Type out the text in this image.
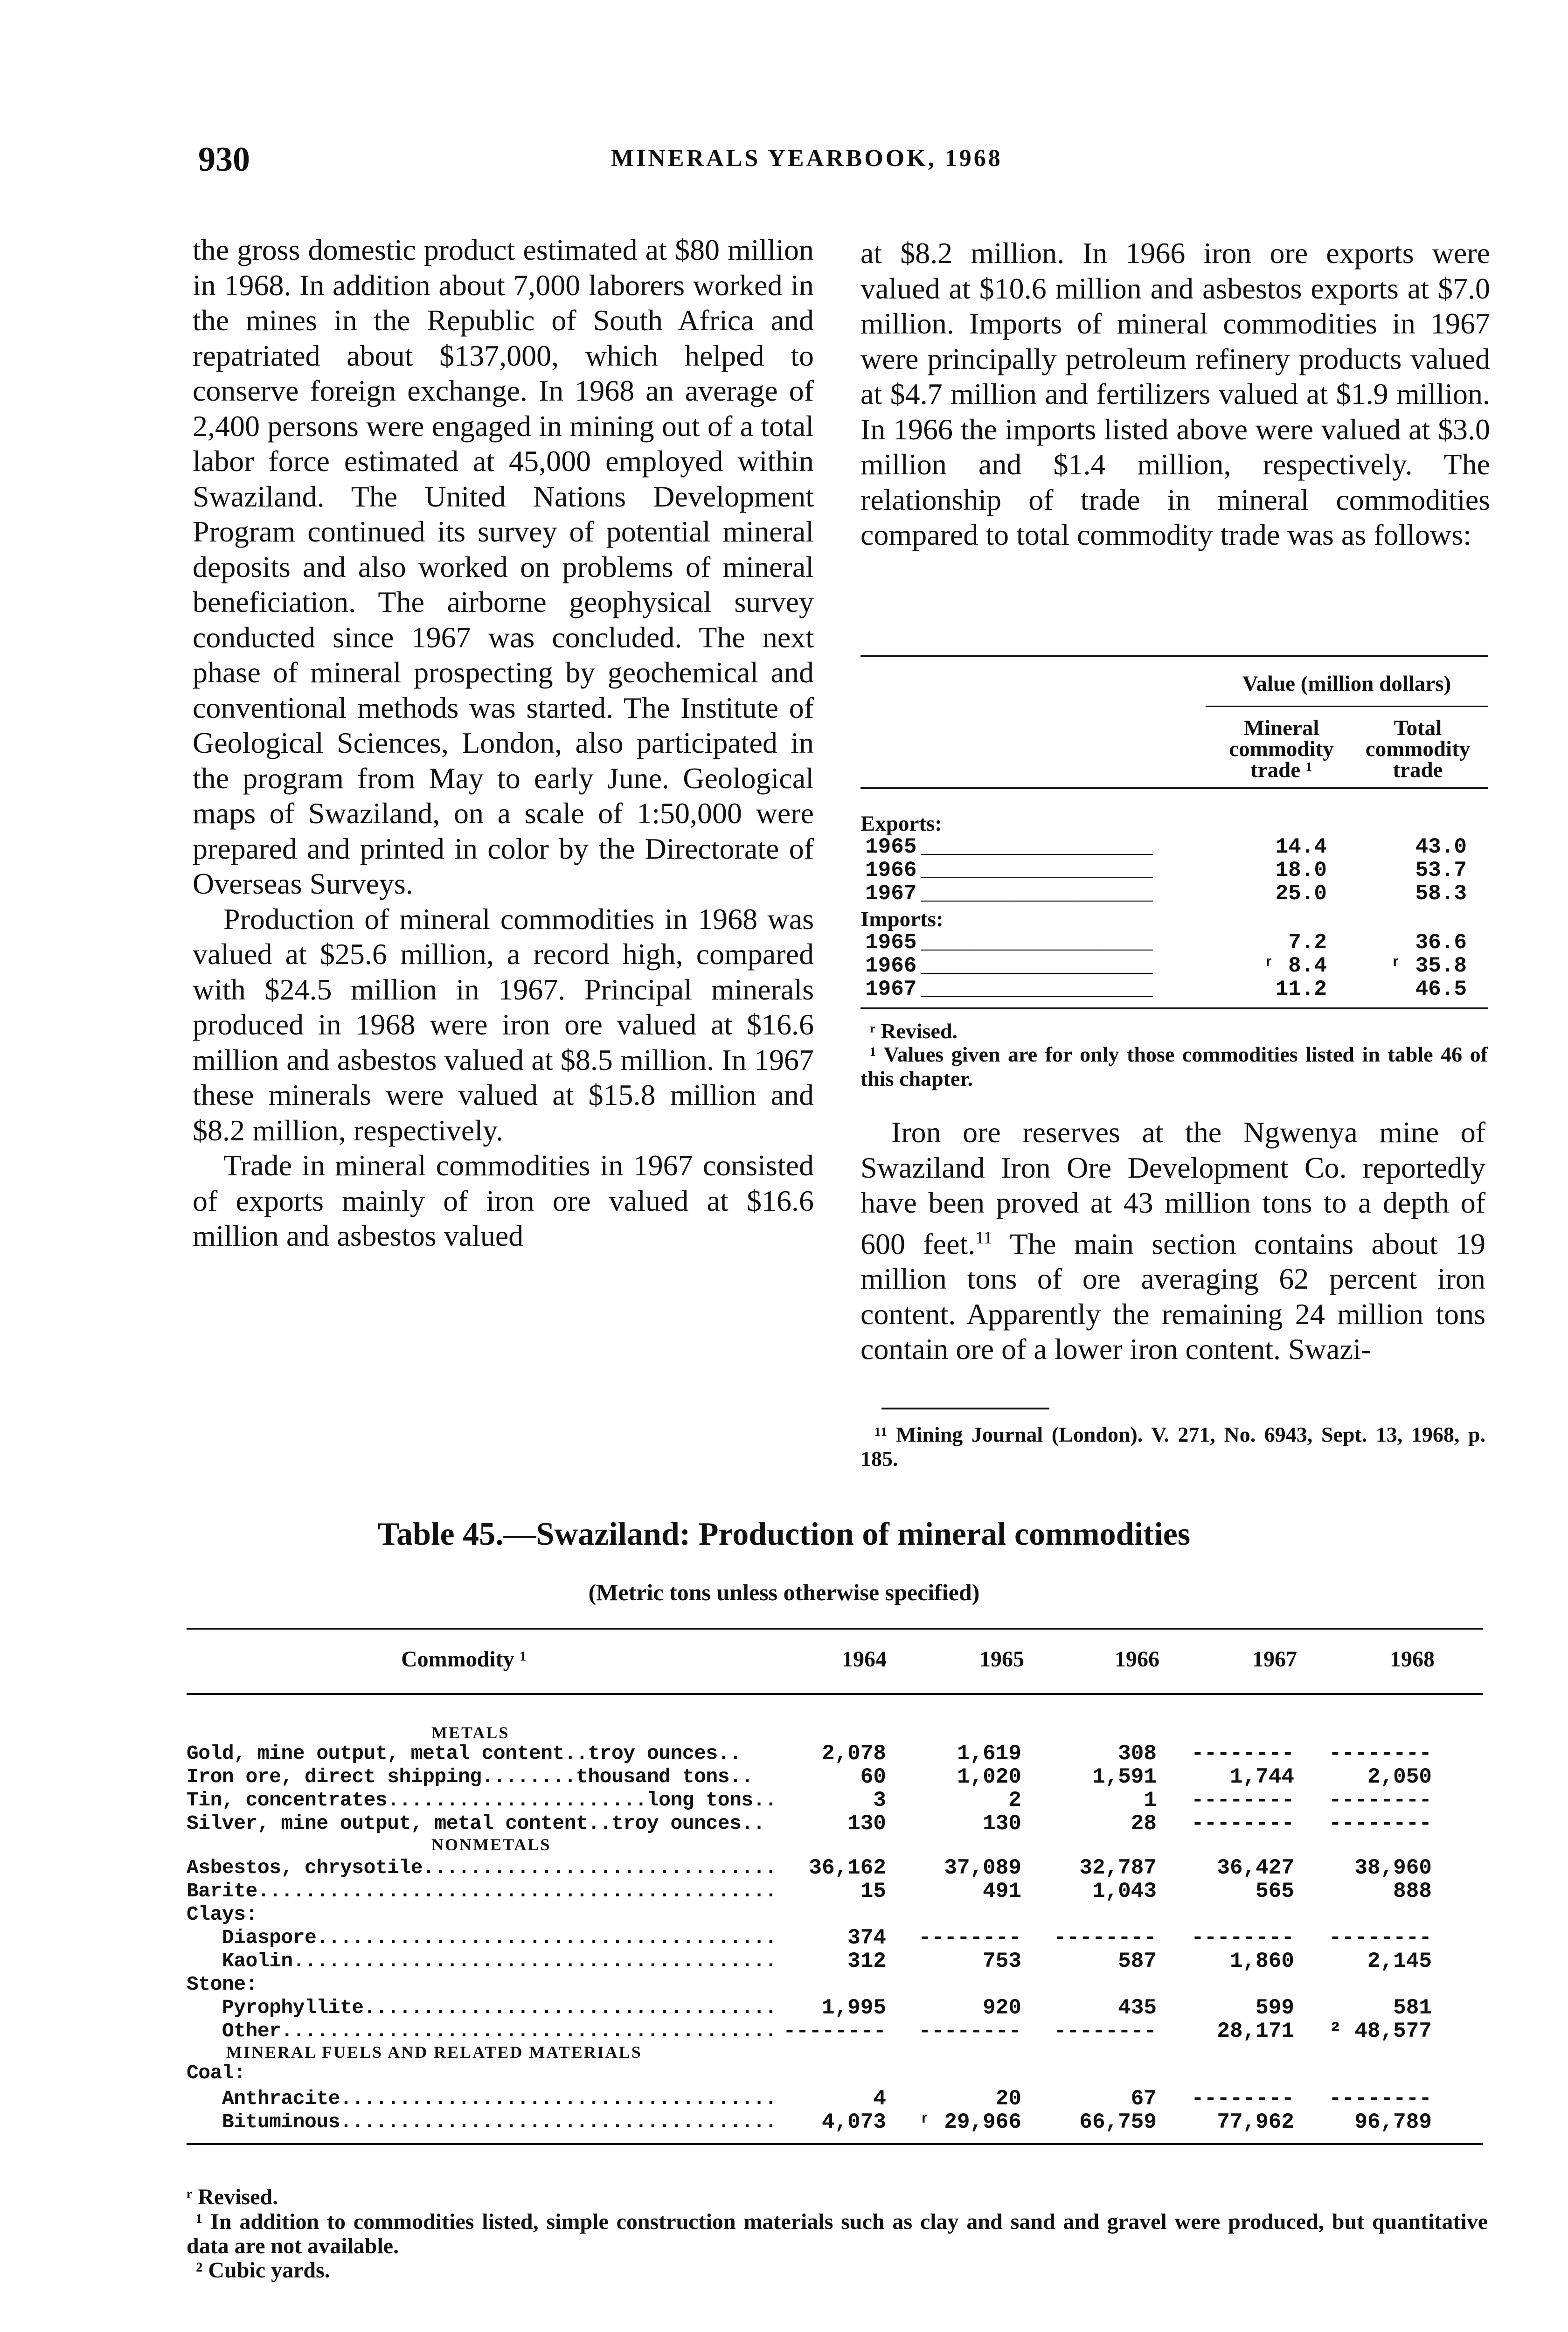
930	MINERALS YEARBOOK, 1968

the gross domestic product estimated at $80 million in 1968. In addition about 7,000 laborers worked in the mines in the Republic of South Africa and repatriated about $137,000, which helped to conserve foreign exchange. In 1968 an average of 2,400 persons were engaged in mining out of a total labor force estimated at 45,000 employed within Swaziland. The United Nations Development Program continued its survey of potential mineral deposits and also worked on problems of mineral beneficiation. The airborne geophysical survey conducted since 1967 was concluded. The next phase of mineral prospecting by geochemical and conventional methods was started. The Institute of Geological Sciences, London, also participated in the program from May to early June. Geological maps of Swaziland, on a scale of 1:50,000 were prepared and printed in color by the Directorate of Overseas Surveys.

Production of mineral commodities in 1968 was valued at $25.6 million, a record high, compared with $24.5 million in 1967. Principal minerals produced in 1968 were iron ore valued at $16.6 million and asbestos valued at $8.5 million. In 1967 these minerals were valued at $15.8 million and $8.2 million, respectively.

Trade in mineral commodities in 1967 consisted of exports mainly of iron ore valued at $16.6 million and asbestos valued

at $8.2 million. In 1966 iron ore exports were valued at $10.6 million and asbestos exports at $7.0 million. Imports of mineral commodities in 1967 were principally petroleum refinery products valued at $4.7 million and fertilizers valued at $1.9 million. In 1966 the imports listed above were valued at $3.0 million and $1.4 million, respectively. The relationship of trade in mineral commodities compared to total commodity trade was as follows:

Value (million dollars)
Mineral
commodity
trade ¹
Total
commodity
trade
Exports:
1965 __________________	14.4	43.0
1966 __________________	18.0	53.7
1967 __________________	25.0	58.3
Imports:
1965 __________________	7.2	36.6
1966 __________________	ʳ 8.4	ʳ 35.8
1967 __________________	11.2	46.5
ʳ Revised.
¹ Values given are for only those commodities listed in table 46 of this chapter.

Iron ore reserves at the Ngwenya mine of Swaziland Iron Ore Development Co. reportedly have been proved at 43 million tons to a depth of 600 feet.$^{11}$ The main section contains about 19 million tons of ore averaging 62 percent iron content. Apparently the remaining 24 million tons contain ore of a lower iron content. Swazi-

¹¹ Mining Journal (London). V. 271, No. 6943, Sept. 13, 1968, p. 185.
Table 45.—Swaziland: Production of mineral commodities
(Metric tons unless otherwise specified)
Commodity ¹	1964	1965	1966	1967	1968
METALS
Gold, mine output, metal content..troy ounces..	2,078	1,619	308 -------- --------
Iron ore, direct shipping........thousand tons..	60	1,020	1,591	1,744	2,050
Tin, concentrates......................long tons..	3	2	1 -------- --------
Silver, mine output, metal content..troy ounces..	130	130	28 -------- --------
NONMETALS
Asbestos, chrysotile..............................	36,162	37,089	32,787	36,427	38,960
Barite............................................	15	491	1,043	565	888
Clays:
Diaspore.......................................	374 -------- -------- -------- --------
Kaolin.........................................	312	753	587	1,860	2,145
Stone:
Pyrophyllite...................................	1,995	920	435	599	581
Other.......................................... -------- -------- --------	28,171 ² 48,577
MINERAL FUELS AND RELATED MATERIALS
Coal:
Anthracite.....................................	4	20	67 -------- --------
Bituminous.....................................	4,073 ʳ 29,966	66,759	77,962	96,789
ʳ Revised.
¹ In addition to commodities listed, simple construction materials such as clay and sand and gravel were produced, but quantitative data are not available.
² Cubic yards.
